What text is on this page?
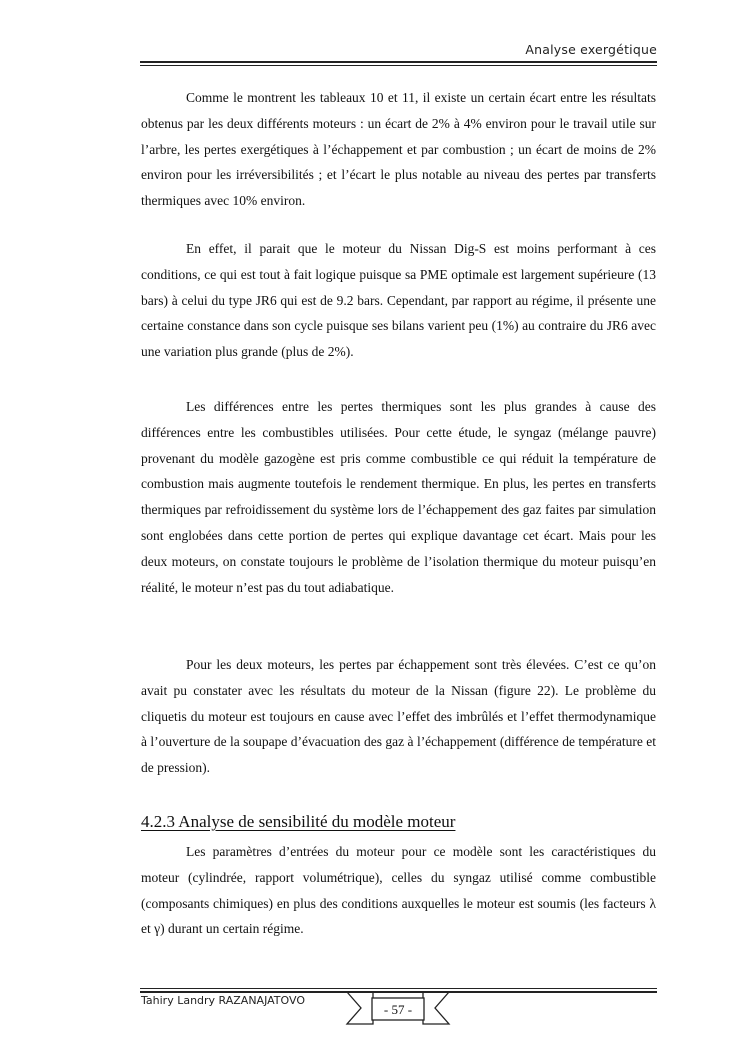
Analyse exergétique

Comme le montrent les tableaux 10 et 11, il existe un certain écart entre les résultats obtenus par les deux différents moteurs : un écart de 2% à 4% environ pour le travail utile sur l’arbre, les pertes exergétiques à l’échappement et par combustion ; un écart de moins de 2% environ pour les irréversibilités ; et l’écart le plus notable au niveau des pertes par transferts thermiques avec 10% environ.

En effet, il parait que le moteur du Nissan Dig-S est moins performant à ces conditions, ce qui est tout à fait logique puisque sa PME optimale est largement supérieure (13 bars) à celui du type JR6 qui est de 9.2 bars. Cependant, par rapport au régime, il présente une certaine constance dans son cycle puisque ses bilans varient peu (1%) au contraire du JR6 avec une variation plus grande (plus de 2%).

Les différences entre les pertes thermiques sont les plus grandes à cause des différences entre les combustibles utilisées. Pour cette étude, le syngaz (mélange pauvre) provenant du modèle gazogène est pris comme combustible ce qui réduit la température de combustion mais augmente toutefois le rendement thermique. En plus, les pertes en transferts thermiques par refroidissement du système lors de l’échappement des gaz faites par simulation sont englobées dans cette portion de pertes qui explique davantage cet écart. Mais pour les deux moteurs, on constate toujours le problème de l’isolation thermique du moteur puisqu’en réalité, le moteur n’est pas du tout adiabatique.

Pour les deux moteurs, les pertes par échappement sont très élevées. C’est ce qu’on avait pu constater avec les résultats du moteur de la Nissan (figure 22). Le problème du cliquetis du moteur est toujours en cause avec l’effet des imbrûlés et l’effet thermodynamique à l’ouverture de la soupape d’évacuation des gaz à l’échappement (différence de température et de pression).

4.2.3 Analyse de sensibilité du modèle moteur

Les paramètres d’entrées du moteur pour ce modèle sont les caractéristiques du moteur (cylindrée, rapport volumétrique), celles du syngaz utilisé comme combustible (composants chimiques) en plus des conditions auxquelles le moteur est soumis (les facteurs λ et γ) durant un certain régime.

Tahiry Landry RAZANAJATOVO
- 57 -
